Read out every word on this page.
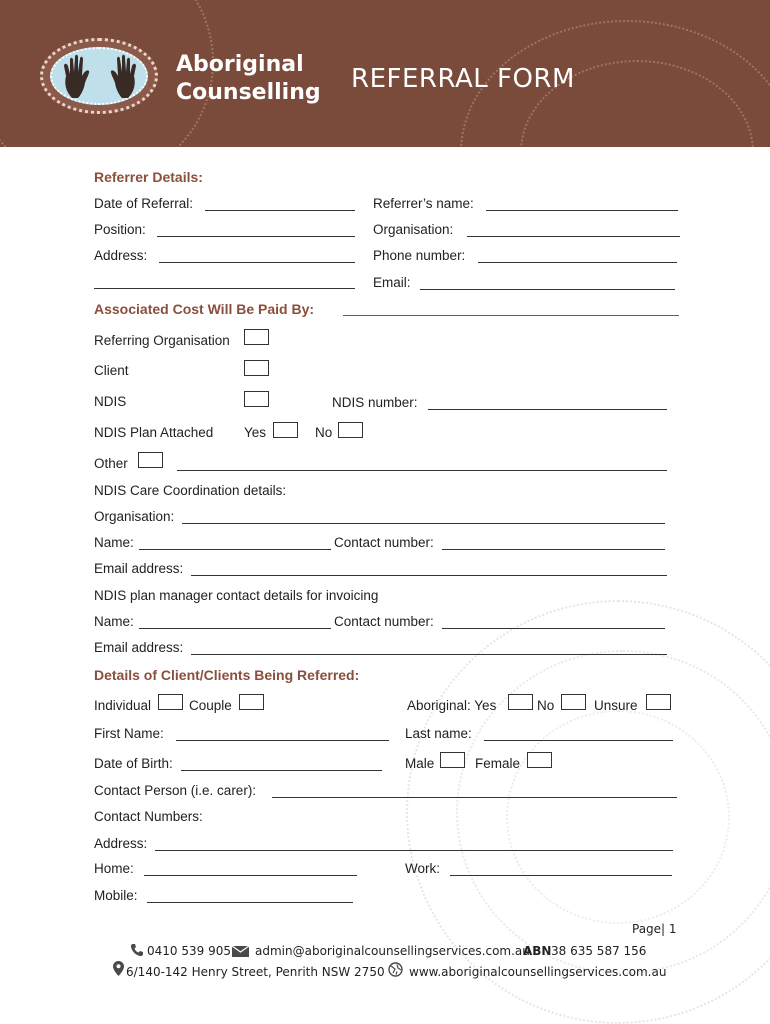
Aboriginal
Counselling REFERRAL FORM
Referrer Details:
Date of Referral:	Referrer’s name:
Position:	Organisation:
Address:	Phone number:
Email:
Associated Cost Will Be Paid By:
Referring Organisation
Client
NDIS	NDIS number:
NDIS Plan Attached Yes	No
Other
NDIS Care Coordination details:
Organisation:
Name:	Contact number:
Email address:
NDIS plan manager contact details for invoicing
Name:	Contact number:
Email address:
Details of Client/Clients Being Referred:
Individual	Couple	Aboriginal: Yes	No	Unsure
First Name:	Last name:
Date of Birth:	Male	Female
Contact Person (i.e. carer):
Contact Numbers:
Address:
Home:	Work:
Mobile:
Page| 1
0410 539 905 admin@aboriginalcounsellingservices.com.au
ABN 38 635 587 156
6/140-142 Henry Street, Penrith NSW 2750 www.aboriginalcounsellingservices.com.au
